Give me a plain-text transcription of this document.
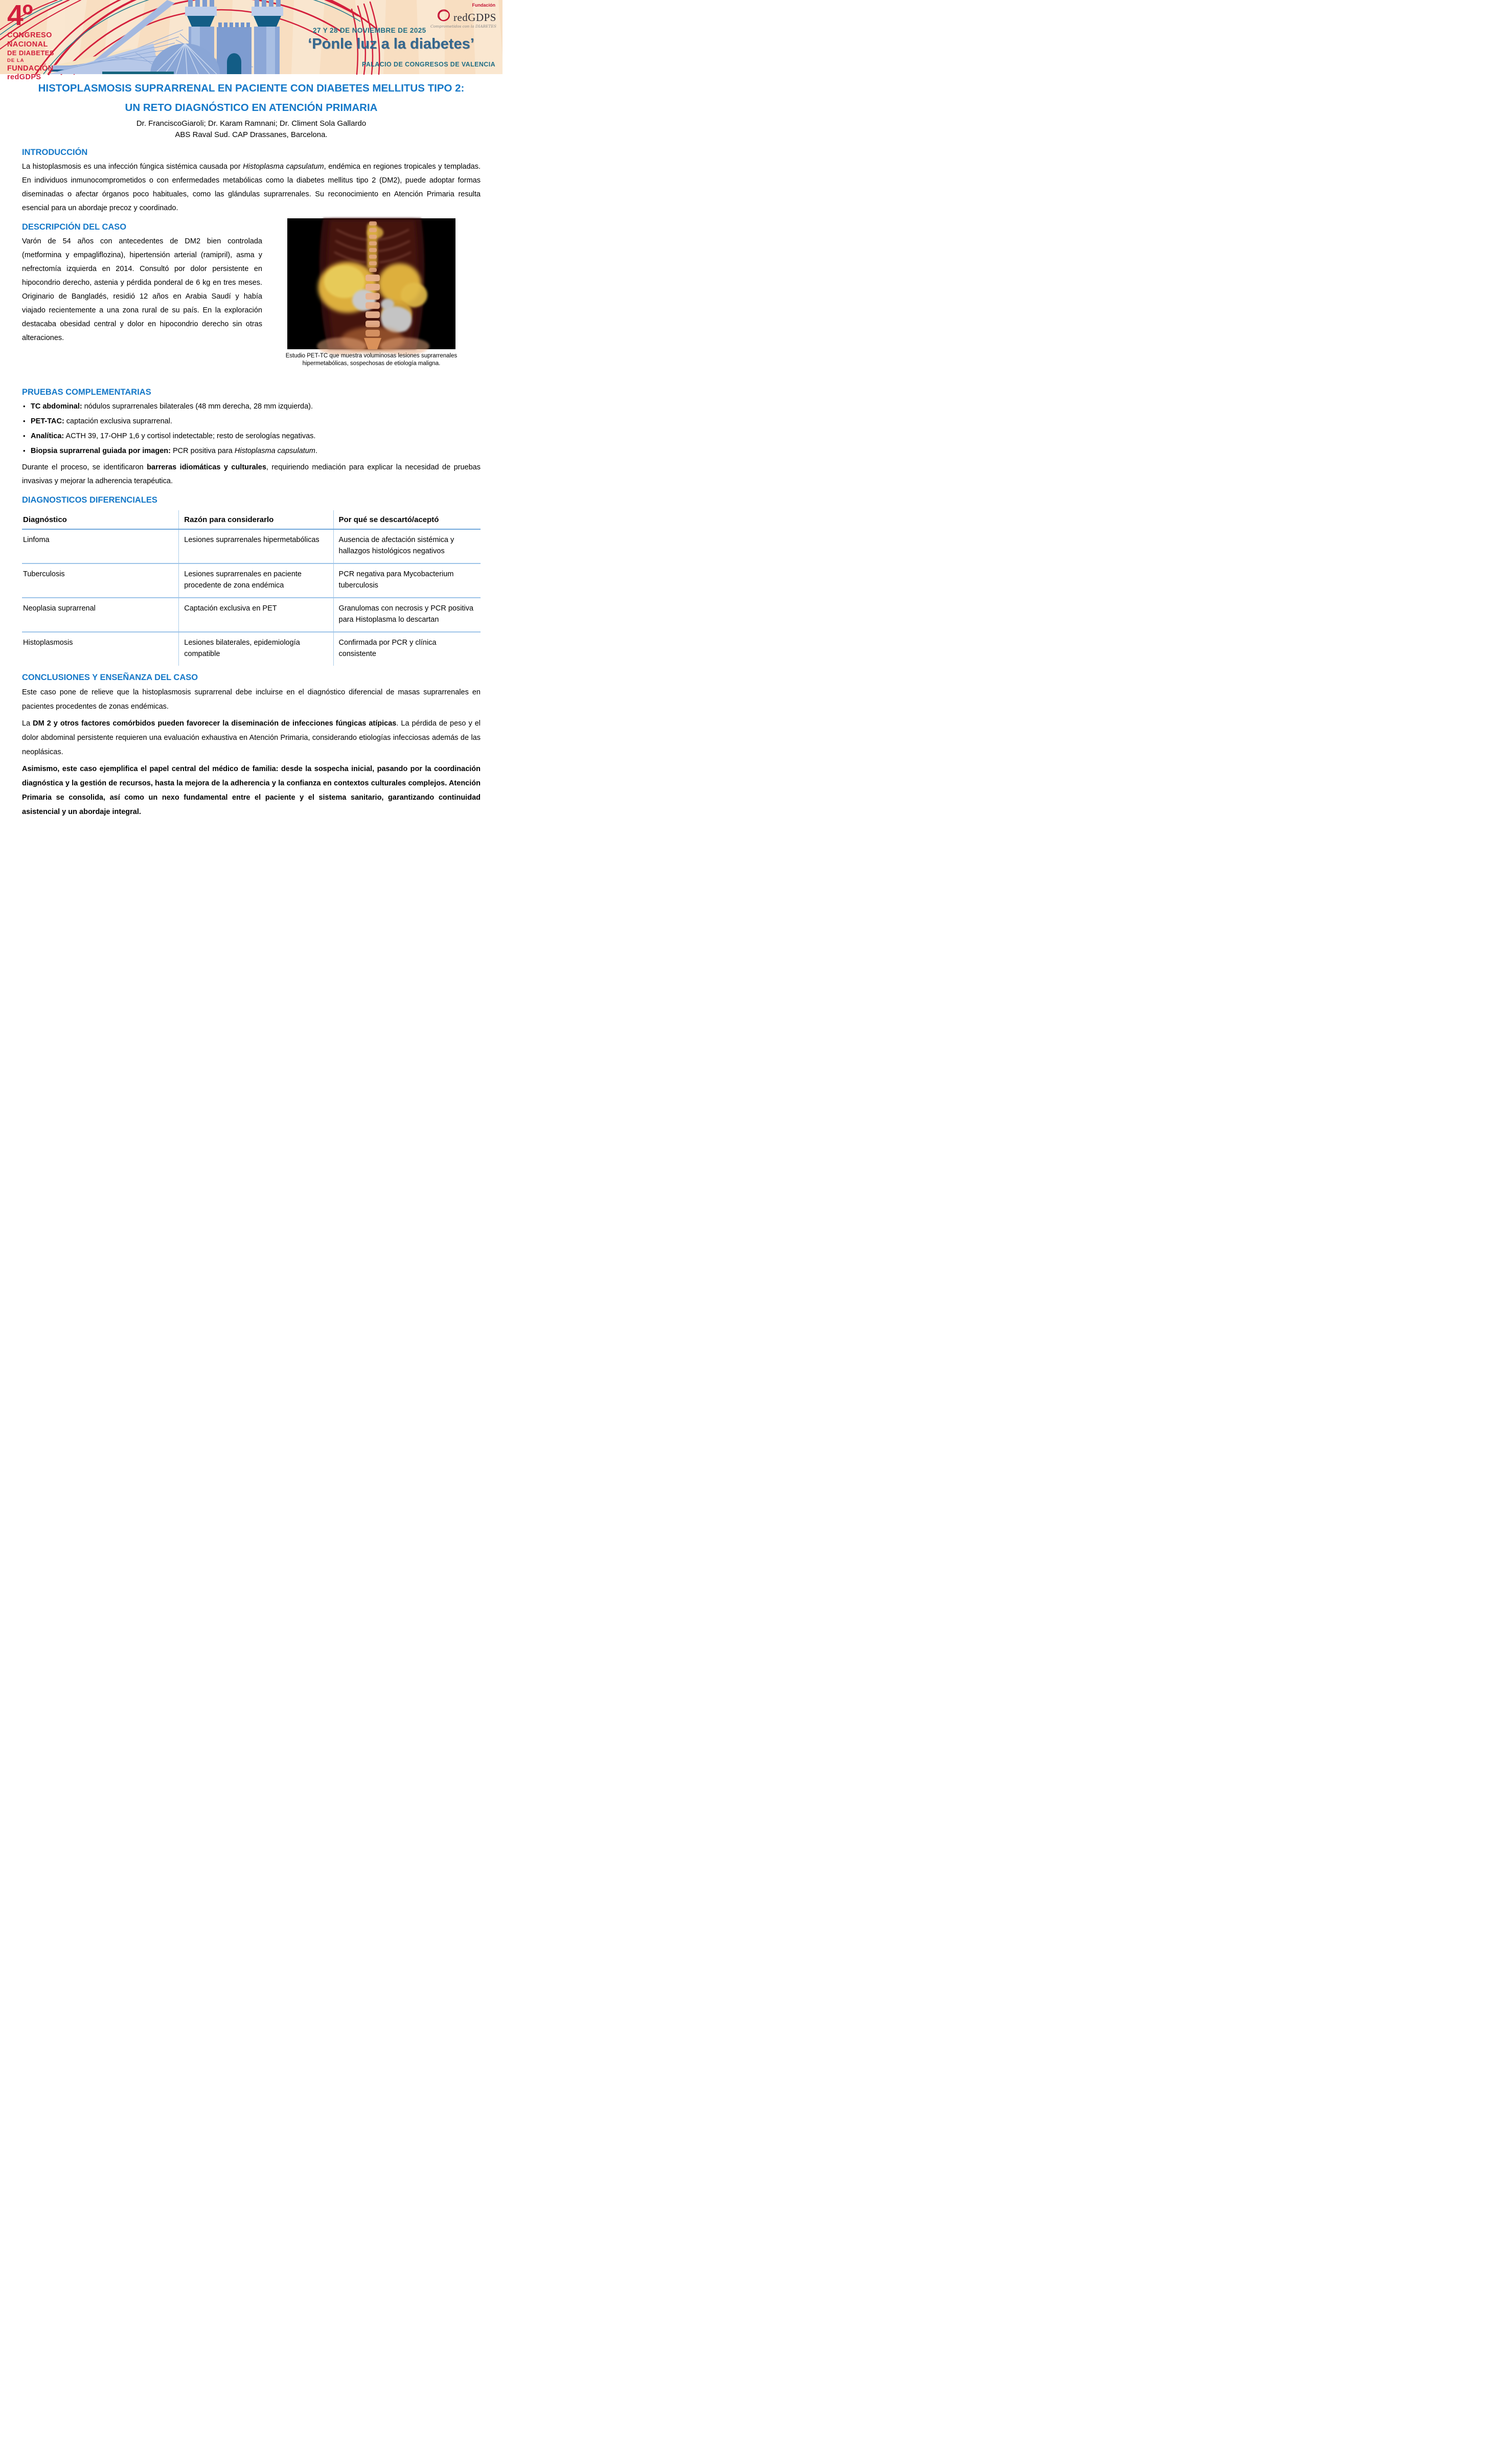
4º
CONGRESO
NACIONAL
DE DIABETES
DE LA
FUNDACIÓN
redGDPS
27 Y 28 DE NOVIEMBRE DE 2025
‘Ponle luz a la diabetes’
PALACIO DE CONGRESOS DE VALENCIA
Fundación
redGDPS
Comprometidos con la DIABETES
HISTOPLASMOSIS SUPRARRENAL EN PACIENTE CON DIABETES MELLITUS TIPO 2:
UN RETO DIAGNÓSTICO EN ATENCIÓN PRIMARIA
Dr. FranciscoGiaroli; Dr. Karam Ramnani; Dr. Climent Sola Gallardo
ABS Raval Sud. CAP Drassanes, Barcelona.
INTRODUCCIÓN

La histoplasmosis es una infección fúngica sistémica causada por Histoplasma capsulatum, endémica en regiones tropicales y templadas. En individuos inmunocomprometidos o con enfermedades metabólicas como la diabetes mellitus tipo 2 (DM2), puede adoptar formas diseminadas o afectar órganos poco habituales, como las glándulas suprarrenales. Su reconocimiento en Atención Primaria resulta esencial para un abordaje precoz y coordinado.

DESCRIPCIÓN DEL CASO

Varón de 54 años con antecedentes de DM2 bien controlada (metformina y empagliflozina), hipertensión arterial (ramipril), asma y nefrectomía izquierda en 2014. Consultó por dolor persistente en hipocondrio derecho, astenia y pérdida ponderal de 6 kg en tres meses. Originario de Bangladés, residió 12 años en Arabia Saudí y había viajado recientemente a una zona rural de su país. En la exploración destacaba obesidad central y dolor en hipocondrio derecho sin otras alteraciones.

Estudio PET-TC que muestra voluminosas lesiones suprarrenales hipermetabólicas, sospechosas de etiología maligna.
PRUEBAS COMPLEMENTARIAS
• TC abdominal: nódulos suprarrenales bilaterales (48 mm derecha, 28 mm izquierda).
• PET-TAC: captación exclusiva suprarrenal.
• Analítica: ACTH 39, 17-OHP 1,6 y cortisol indetectable; resto de serologías negativas.
• Biopsia suprarrenal guiada por imagen: PCR positiva para Histoplasma capsulatum.

Durante el proceso, se identificaron barreras idiomáticas y culturales, requiriendo mediación para explicar la necesidad de pruebas invasivas y mejorar la adherencia terapéutica.

DIAGNOSTICOS DIFERENCIALES
Diagnóstico	Razón para considerarlo	Por qué se descartó/aceptó
Linfoma	Lesiones suprarrenales hipermetabólicas	Ausencia de afectación sistémica y hallazgos histológicos negativos
Tuberculosis	Lesiones suprarrenales en paciente procedente de zona endémica	PCR negativa para Mycobacterium tuberculosis
Neoplasia suprarrenal	Captación exclusiva en PET	Granulomas con necrosis y PCR positiva para Histoplasma lo descartan
Histoplasmosis	Lesiones bilaterales, epidemiología compatible	Confirmada por PCR y clínica consistente
CONCLUSIONES Y ENSEÑANZA DEL CASO

Este caso pone de relieve que la histoplasmosis suprarrenal debe incluirse en el diagnóstico diferencial de masas suprarrenales en pacientes procedentes de zonas endémicas.

La DM 2 y otros factores comórbidos pueden favorecer la diseminación de infecciones fúngicas atípicas. La pérdida de peso y el dolor abdominal persistente requieren una evaluación exhaustiva en Atención Primaria, considerando etiologías infecciosas además de las neoplásicas.

Asimismo, este caso ejemplifica el papel central del médico de familia: desde la sospecha inicial, pasando por la coordinación diagnóstica y la gestión de recursos, hasta la mejora de la adherencia y la confianza en contextos culturales complejos. Atención Primaria se consolida, así como un nexo fundamental entre el paciente y el sistema sanitario, garantizando continuidad asistencial y un abordaje integral.
